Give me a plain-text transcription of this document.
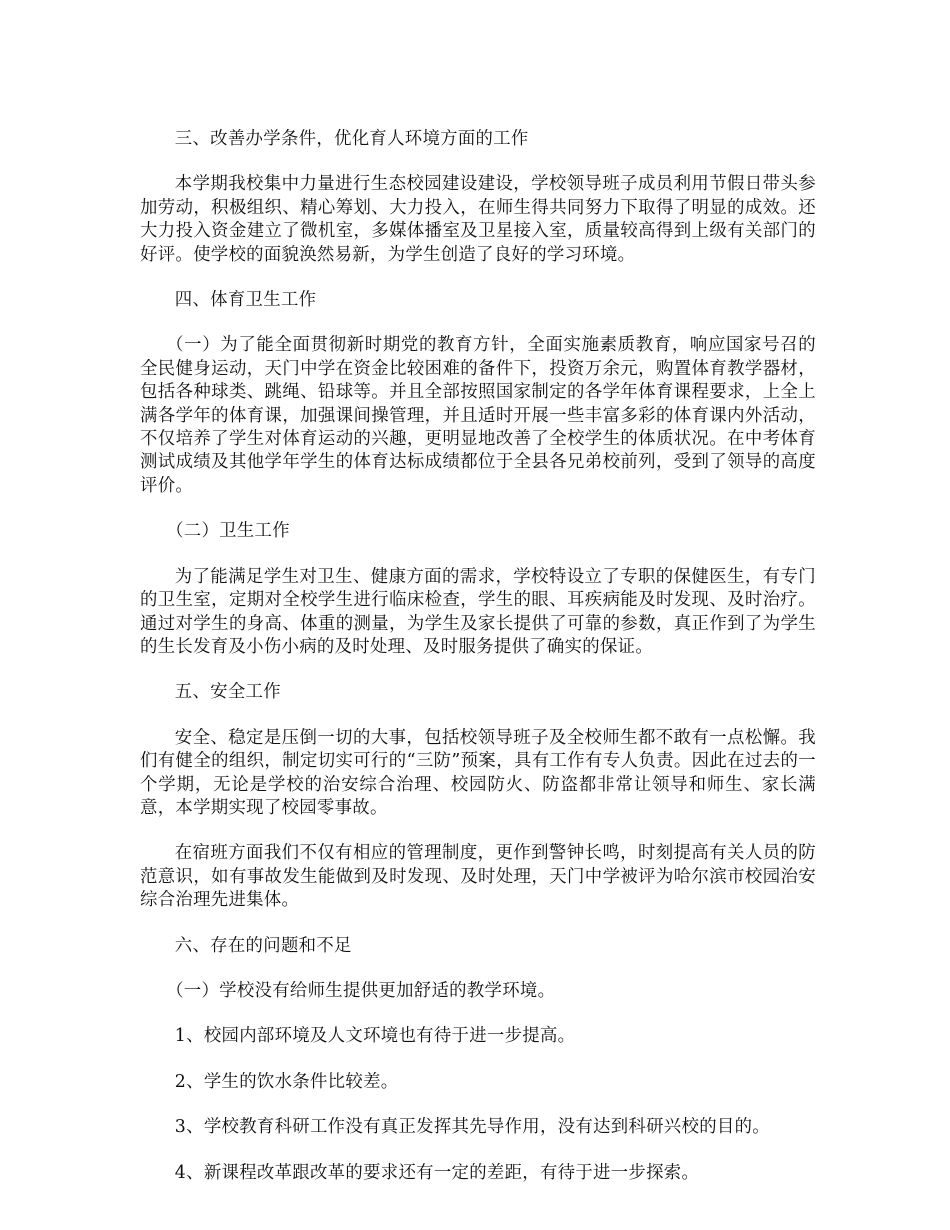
三、改善办学条件，优化育人环境方面的工作

本学期我校集中力量进行生态校园建设建设，学校领导班子成员利用节假日带头参加劳动，积极组织、精心筹划、大力投入，在师生得共同努力下取得了明显的成效。还大力投入资金建立了微机室，多媒体播室及卫星接入室，质量较高得到上级有关部门的好评。使学校的面貌涣然易新，为学生创造了良好的学习环境。

四、体育卫生工作

（一）为了能全面贯彻新时期党的教育方针，全面实施素质教育，响应国家号召的全民健身运动，天门中学在资金比较困难的备件下，投资万余元，购置体育教学器材，包括各种球类、跳绳、铅球等。并且全部按照国家制定的各学年体育课程要求，上全上满各学年的体育课，加强课间操管理，并且适时开展一些丰富多彩的体育课内外活动，不仅培养了学生对体育运动的兴趣，更明显地改善了全校学生的体质状况。在中考体育测试成绩及其他学年学生的体育达标成绩都位于全县各兄弟校前列，受到了领导的高度评价。

（二）卫生工作

为了能满足学生对卫生、健康方面的需求，学校特设立了专职的保健医生，有专门的卫生室，定期对全校学生进行临床检查，学生的眼、耳疾病能及时发现、及时治疗。通过对学生的身高、体重的测量，为学生及家长提供了可靠的参数，真正作到了为学生的生长发育及小伤小病的及时处理、及时服务提供了确实的保证。

五、安全工作

安全、稳定是压倒一切的大事，包括校领导班子及全校师生都不敢有一点松懈。我们有健全的组织，制定切实可行的“三防”预案，具有工作有专人负责。因此在过去的一个学期，无论是学校的治安综合治理、校园防火、防盗都非常让领导和师生、家长满意，本学期实现了校园零事故。

在宿班方面我们不仅有相应的管理制度，更作到警钟长鸣，时刻提高有关人员的防范意识，如有事故发生能做到及时发现、及时处理，天门中学被评为哈尔滨市校园治安综合治理先进集体。

六、存在的问题和不足

（一）学校没有给师生提供更加舒适的教学环境。

1、校园内部环境及人文环境也有待于进一步提高。

2、学生的饮水条件比较差。

3、学校教育科研工作没有真正发挥其先导作用，没有达到科研兴校的目的。

4、新课程改革跟改革的要求还有一定的差距，有待于进一步探索。
